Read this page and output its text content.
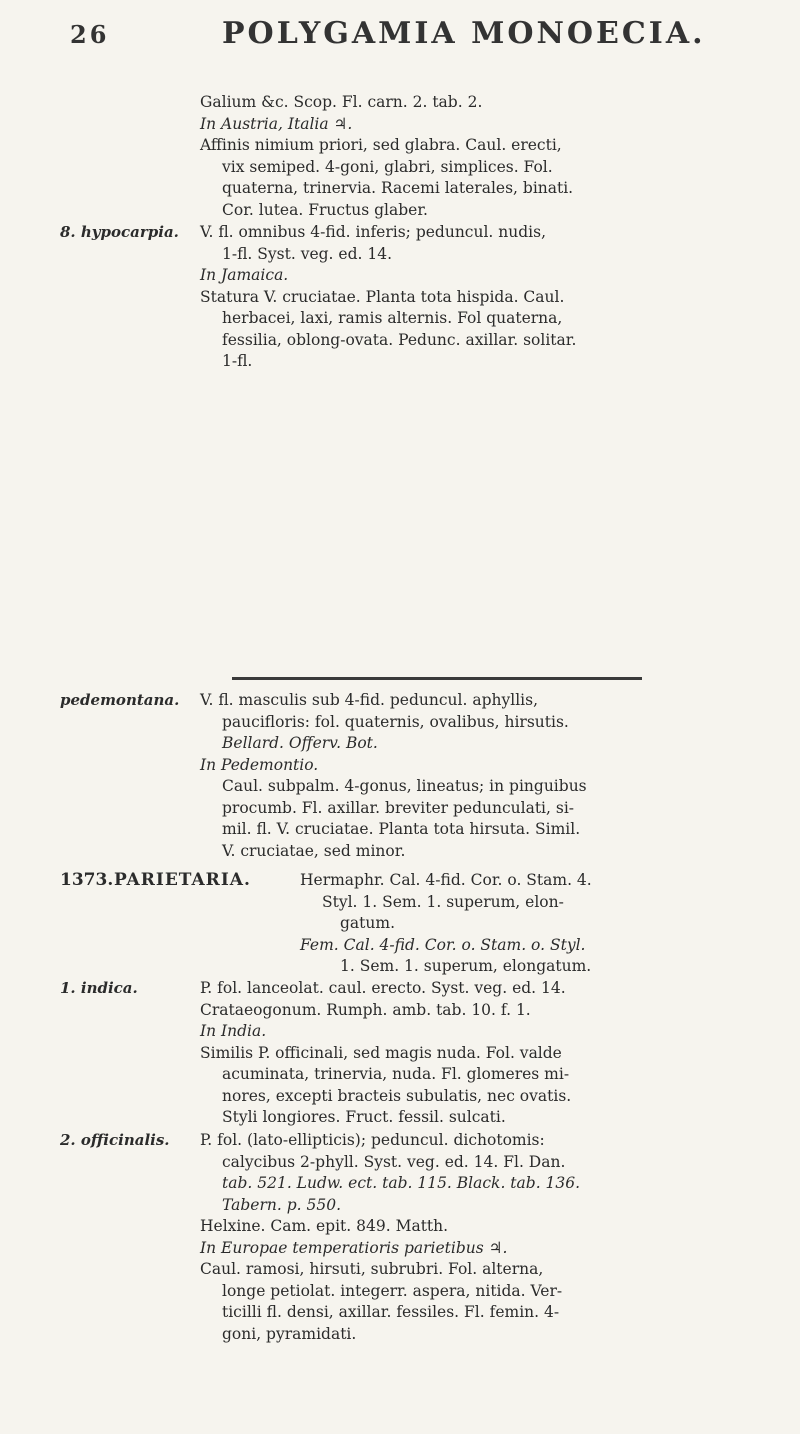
26	POLYGAMIA MONOECIA.
Galium &c. Scop. Fl. carn. 2. tab. 2.
In Austria, Italia ♃.
Affinis nimium priori, sed glabra. Caul. erecti,
vix semiped. 4-goni, glabri, simplices. Fol.
quaterna, trinervia. Racemi laterales, binati.
Cor. lutea. Fructus glaber.
8. hypocarpia. V. fl. omnibus 4-fid. inferis; peduncul. nudis,
1-fl. Syst. veg. ed. 14.
In Jamaica.
Statura V. cruciatae. Planta tota hispida. Caul.
herbacei, laxi, ramis alternis. Fol quaterna,
fessilia, oblong-ovata. Pedunc. axillar. solitar.
1-fl.
pedemontana. V. fl. masculis sub 4-fid. peduncul. aphyllis,
paucifloris: fol. quaternis, ovalibus, hirsutis.
Bellard. Offerv. Bot.
In Pedemontio.
Caul. subpalm. 4-gonus, lineatus; in pinguibus
procumb. Fl. axillar. breviter pedunculati, si-
mil. fl. V. cruciatae. Planta tota hirsuta. Simil.
V. cruciatae, sed minor.
1373. PARIETARIA.	Hermaphr. Cal. 4-fid. Cor. o. Stam. 4.
Styl. 1. Sem. 1. superum, elon-
gatum.
Fem. Cal. 4-fid. Cor. o. Stam. o. Styl.
1. Sem. 1. superum, elongatum.
1. indica.	P. fol. lanceolat. caul. erecto. Syst. veg. ed. 14.
Crataeogonum. Rumph. amb. tab. 10. f. 1.
In India.
Similis P. officinali, sed magis nuda. Fol. valde
acuminata, trinervia, nuda. Fl. glomeres mi-
nores, excepti bracteis subulatis, nec ovatis.
Styli longiores. Fruct. fessil. sulcati.
2. officinalis. P. fol. (lato-ellipticis); peduncul. dichotomis:
calycibus 2-phyll. Syst. veg. ed. 14. Fl. Dan.
tab. 521. Ludw. ect. tab. 115. Black. tab. 136.
Tabern. p. 550.
Helxine. Cam. epit. 849. Matth.
In Europae temperatioris parietibus ♃.
Caul. ramosi, hirsuti, subrubri. Fol. alterna,
longe petiolat. integerr. aspera, nitida. Ver-
ticilli fl. densi, axillar. fessiles. Fl. femin. 4-
goni, pyramidati.
